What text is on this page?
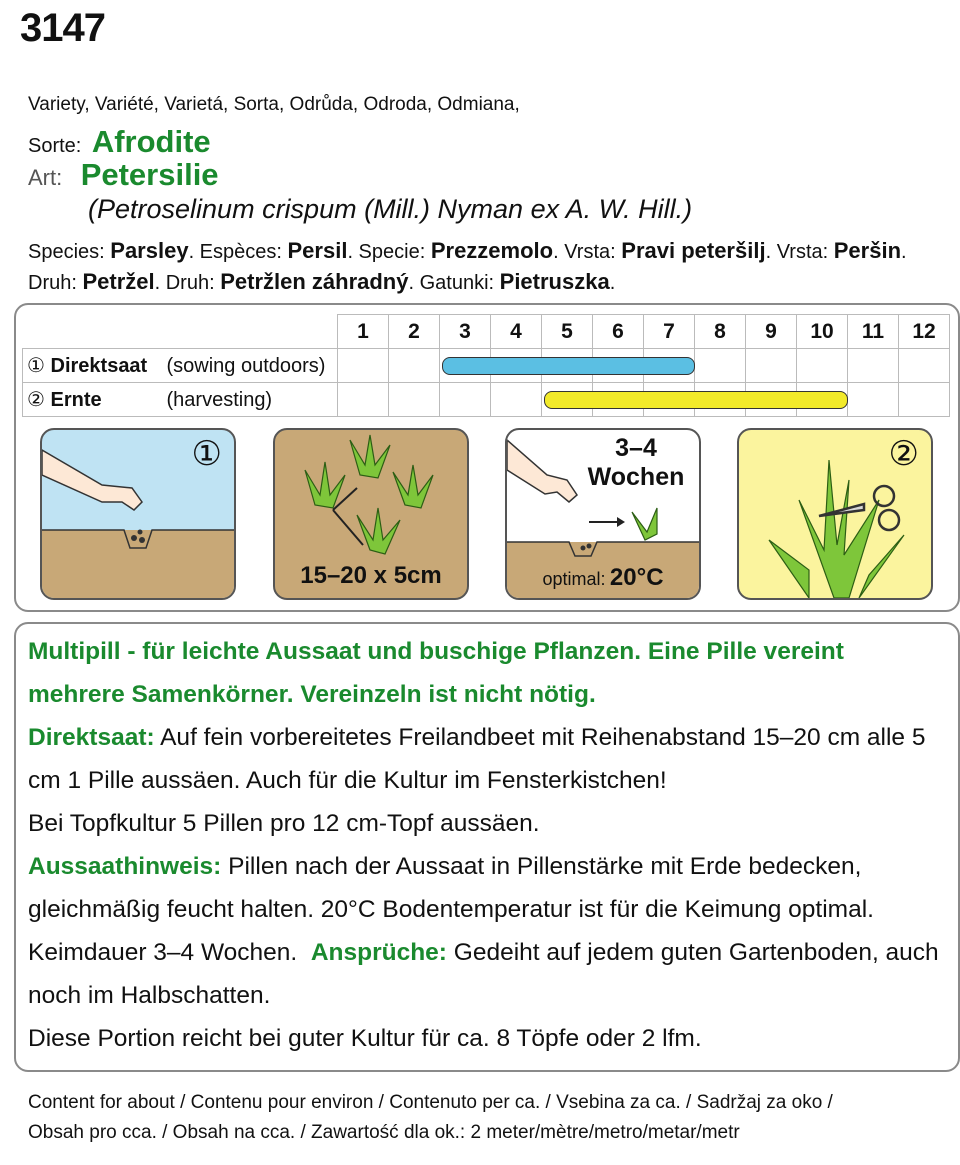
3147
Variety, Variété, Varietá, Sorta, Odrůda, Odroda, Odmiana,
Sorte: Afrodite
Art: Petersilie
(Petroselinum crispum (Mill.) Nyman ex A. W. Hill.)
Species: Parsley. Espèces: Persil. Specie: Prezzemolo. Vrsta: Pravi peteršilj. Vrsta: Peršin.
Druh: Petržel. Druh: Petržlen záhradný. Gatunki: Pietruszka.
	1	2	3	4	5	6	7	8	9	10	11	12
① Direktsaat (sowing outdoors)												
② Ernte (harvesting)												
①
15–20 x 5cm
3–4
Wochen
optimal: 20°C
②

Multipill - für leichte Aussaat und buschige Pflanzen. Eine Pille vereint mehrere Samenkörner. Vereinzeln ist nicht nötig.

Direktsaat: Auf fein vorbereitetes Freilandbeet mit Reihenabstand 15–20 cm alle 5 cm 1 Pille aussäen. Auch für die Kultur im Fensterkistchen!

Bei Topfkultur 5 Pillen pro 12 cm-Topf aussäen.

Aussaathinweis: Pillen nach der Aussaat in Pillenstärke mit Erde bedecken, gleichmäßig feucht halten. 20°C Bodentemperatur ist für die Keimung optimal. Keimdauer 3–4 Wochen.  Ansprüche: Gedeiht auf jedem guten Gartenboden, auch noch im Halbschatten.

Diese Portion reicht bei guter Kultur für ca. 8 Töpfe oder 2 lfm.

Content for about / Contenu pour environ / Contenuto per ca. / Vsebina za ca. / Sadržaj za oko /
Obsah pro cca. / Obsah na cca. / Zawartość dla ok.: 2 meter/mètre/metro/metar/metr
